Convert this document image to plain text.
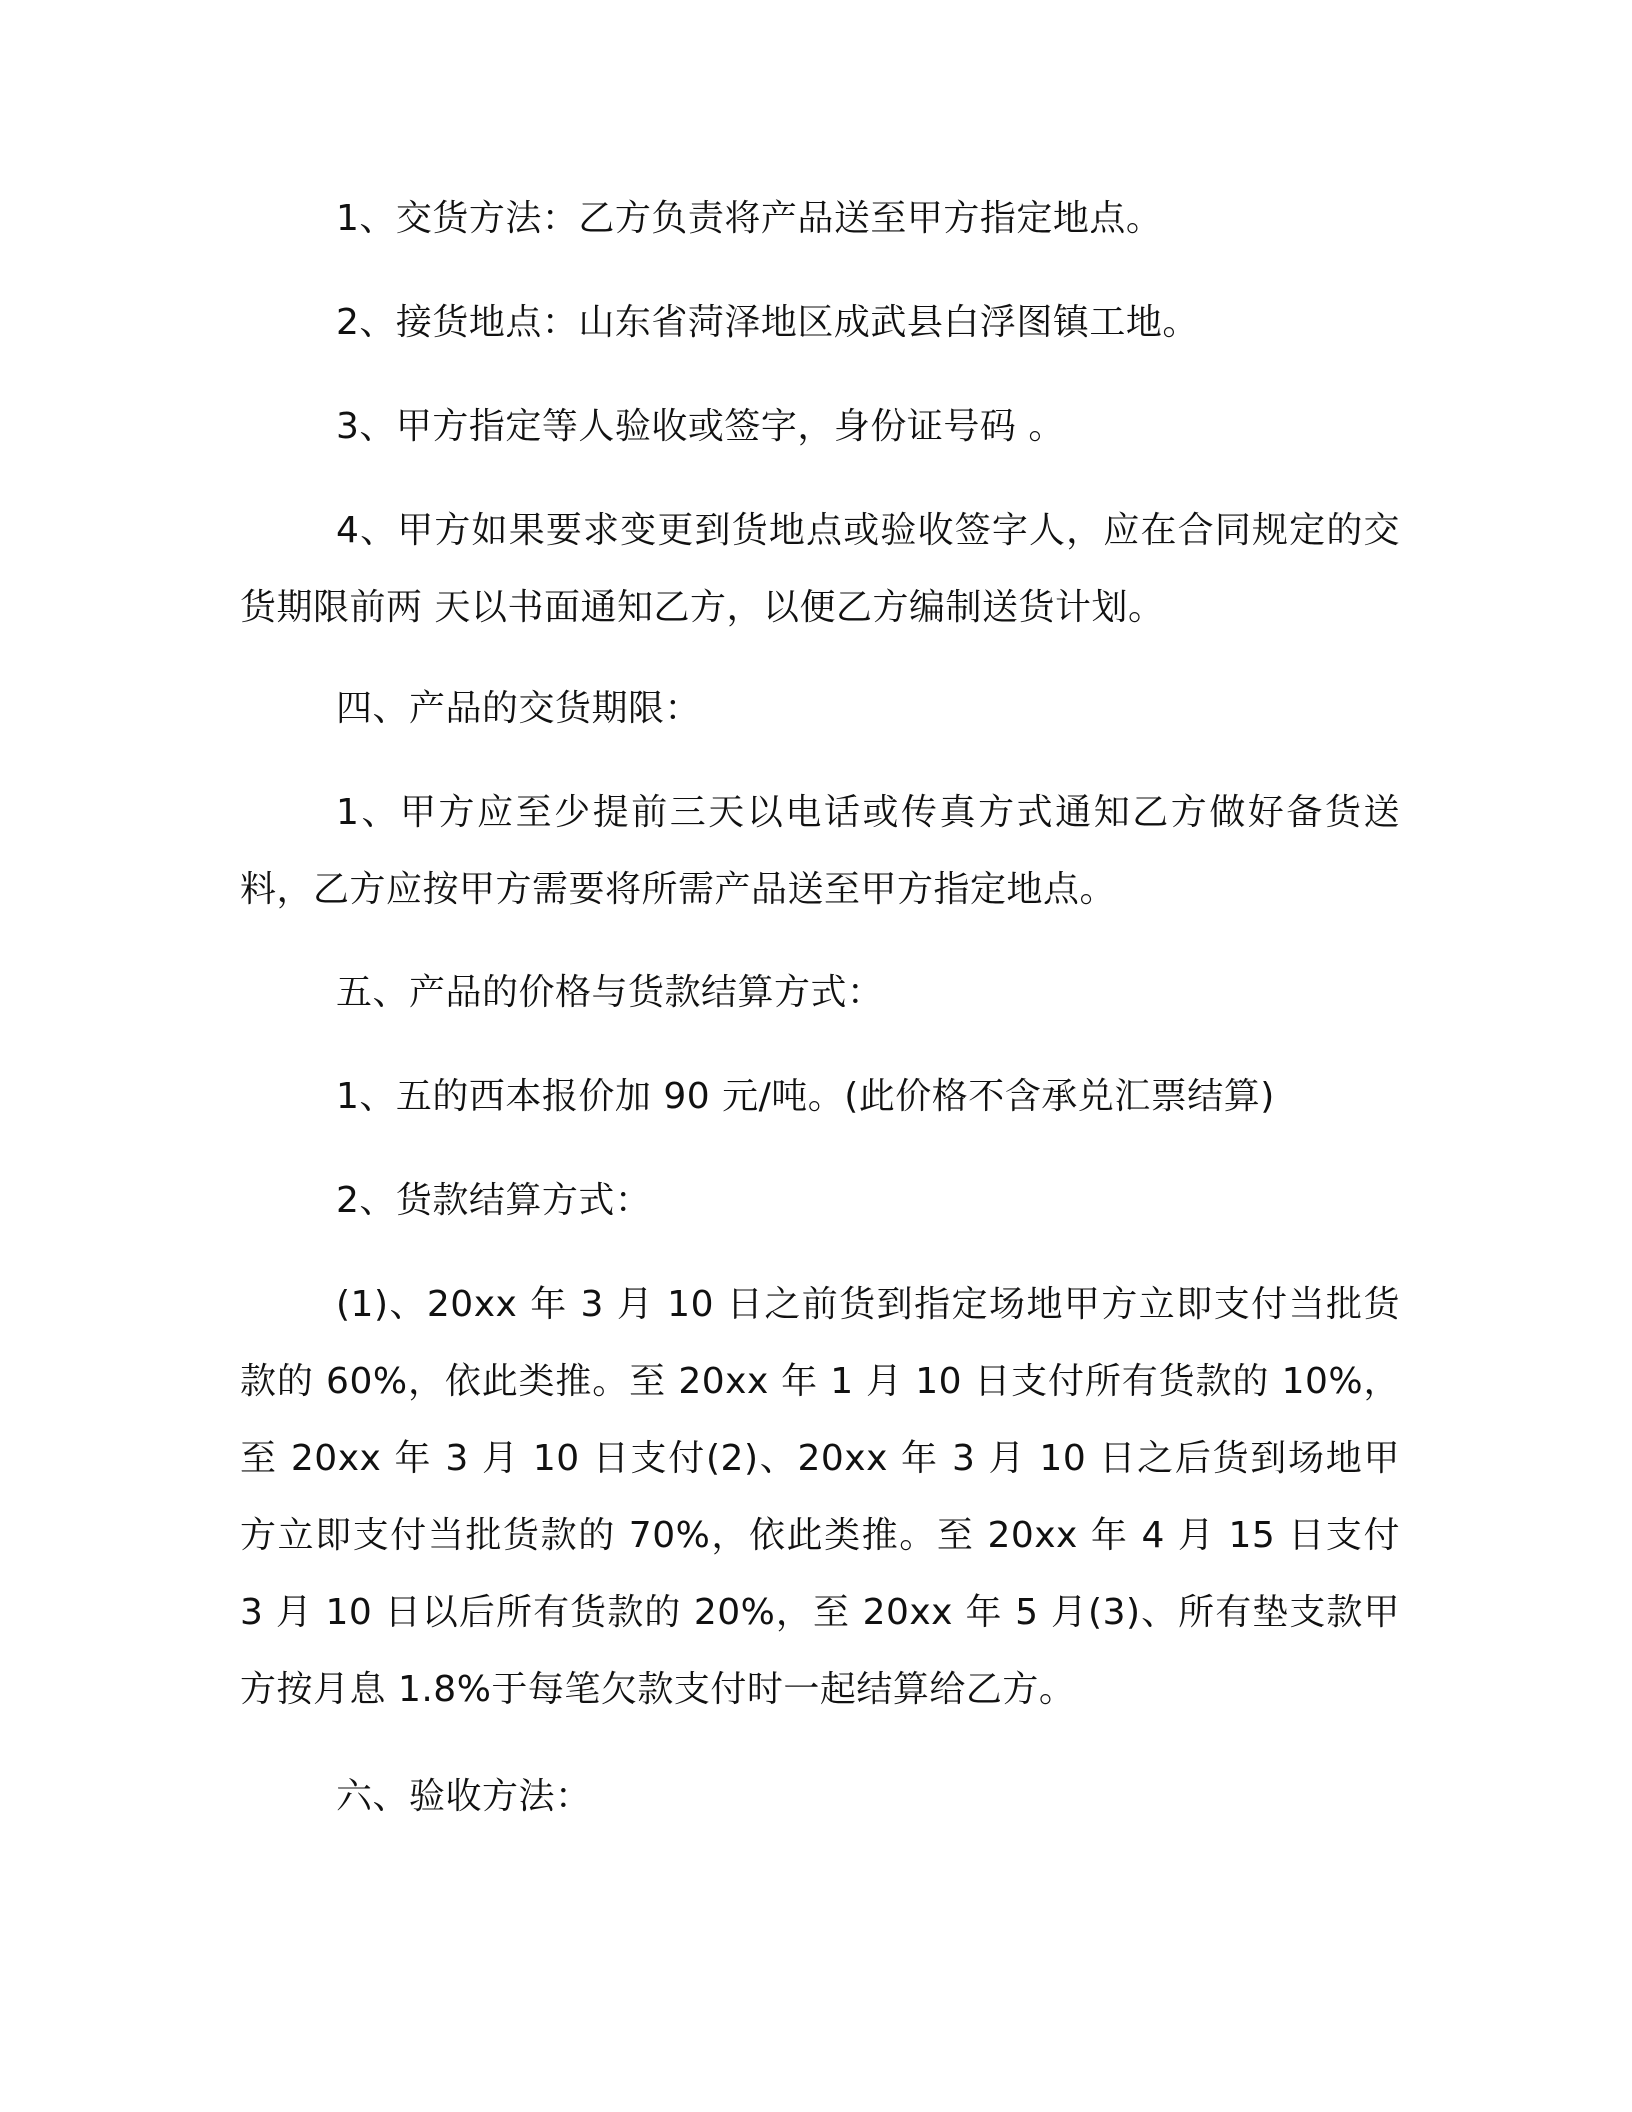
1、交货方法：乙方负责将产品送至甲方指定地点。

2、接货地点：山东省菏泽地区成武县白浮图镇工地。

3、甲方指定等人验收或签字，身份证号码 。

4、甲方如果要求变更到货地点或验收签字人，应在合同规定的交货期限前两 天以书面通知乙方，以便乙方编制送货计划。

四、产品的交货期限：

1、甲方应至少提前三天以电话或传真方式通知乙方做好备货送料，乙方应按甲方需要将所需产品送至甲方指定地点。

五、产品的价格与货款结算方式：

1、五的西本报价加 90 元/吨。(此价格不含承兑汇票结算)

2、货款结算方式：

(1)、20xx 年 3 月 10 日之前货到指定场地甲方立即支付当批货款的 60%，依此类推。至 20xx 年 1 月 10 日支付所有货款的 10%，至 20xx 年 3 月 10 日支付(2)、20xx 年 3 月 10 日之后货到场地甲方立即支付当批货款的 70%，依此类推。至 20xx 年 4 月 15 日支付 3 月 10 日以后所有货款的 20%，至 20xx 年 5 月(3)、所有垫支款甲方按月息 1.8%于每笔欠款支付时一起结算给乙方。

六、验收方法：
